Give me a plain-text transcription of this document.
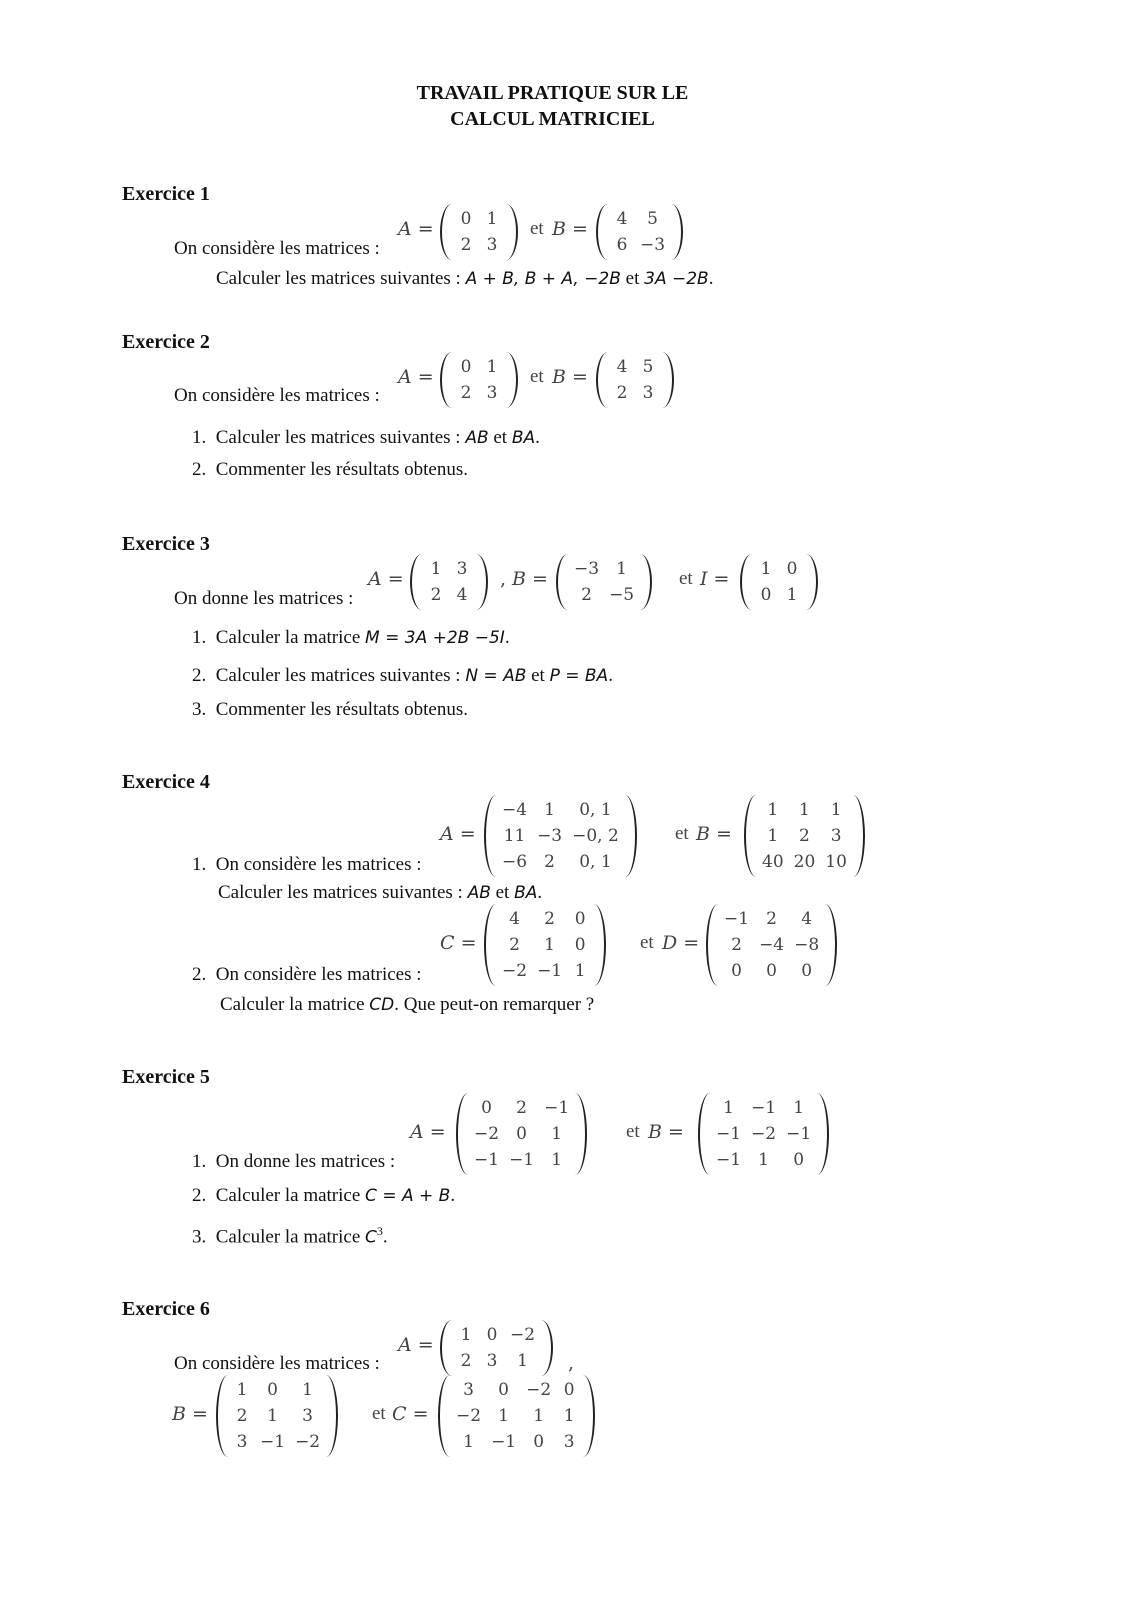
TRAVAIL PRATIQUE SUR LE
CALCUL MATRICIEL
Exercice 1
A = 0 1
2 3
et B = 4	5
6 −3
On considère les matrices :
Calculer les matrices suivantes : A + B, B + A, −2B et 3A −2B.
Exercice 2
A = 0 1
2 3
et B = 4 5
2 3
On considère les matrices :
1. Calculer les matrices suivantes : AB et BA.
2. Commenter les résultats obtenus.
Exercice 3
A = 1 3
2 4
, B = −3	1
2	−5
et I = 1 0
0 1
On donne les matrices :
1. Calculer la matrice M = 3A +2B −5I.
2. Calculer les matrices suivantes : N = AB et P = BA.
3. Commenter les résultats obtenus.
Exercice 4
A =
−4	1	0, 1
11 −3 −0, 2
−6	2	0, 1
et B =
1	1	1
1	2	3
40 20 10
1. On considère les matrices :
Calculer les matrices suivantes : AB et BA.
C =
4	2	0
2	1	0
−2 −1 1
et D =
−1	2	4
2	−4 −8
0	0	0
2. On considère les matrices :
Calculer la matrice CD. Que peut-on remarquer ?
Exercice 5
A =
0	2	−1
−2	0	1
−1 −1	1
et B =
1	−1	1
−1 −2 −1
−1	1	0
1. On donne les matrices :
2. Calculer la matrice C = A + B.
3. Calculer la matrice $C^3$.
Exercice 6
A = 1 0 −2
2 3	1	,
On considère les matrices :
B =
1	0	1
2	1	3
3 −1 −2
et C =
3	0	−2 0
−2	1	1	1
1	−1	0	3
